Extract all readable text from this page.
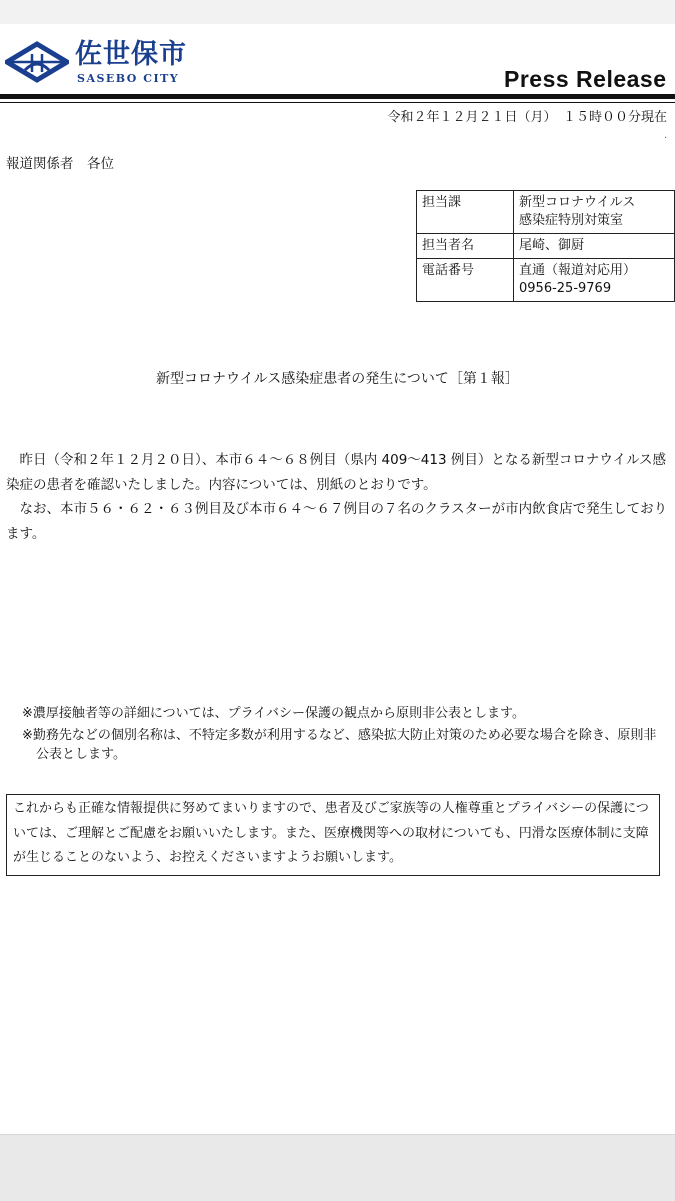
佐世保市
SASEBO CITY	Press Release
令和２年１２月２１日（月）　１５時００分現在
.
報道関係者　各位
担当課	新型コロナウイルス
感染症特別対策室
担当者名	尾崎、御厨
電話番号	直通（報道対応用）
0956-25-9769
新型コロナウイルス感染症患者の発生について［第１報］

　昨日（令和２年１２月２０日）、本市６４～６８例目（県内 409～413 例目）となる新型コロナウイルス感染症の患者を確認いたしました。内容については、別紙のとおりです。

　なお、本市５６・６２・６３例目及び本市６４～６７例目の７名のクラスターが市内飲食店で発生しております。

※濃厚接触者等の詳細については、プライバシー保護の観点から原則非公表とします。

※勤務先などの個別名称は、不特定多数が利用するなど、感染拡大防止対策のため必要な場合を除き、原則非公表とします。

これからも正確な情報提供に努めてまいりますので、患者及びご家族等の人権尊重とプライバシーの保護については、ご理解とご配慮をお願いいたします。また、医療機関等への取材についても、円滑な医療体制に支障が生じることのないよう、お控えくださいますようお願いします。
